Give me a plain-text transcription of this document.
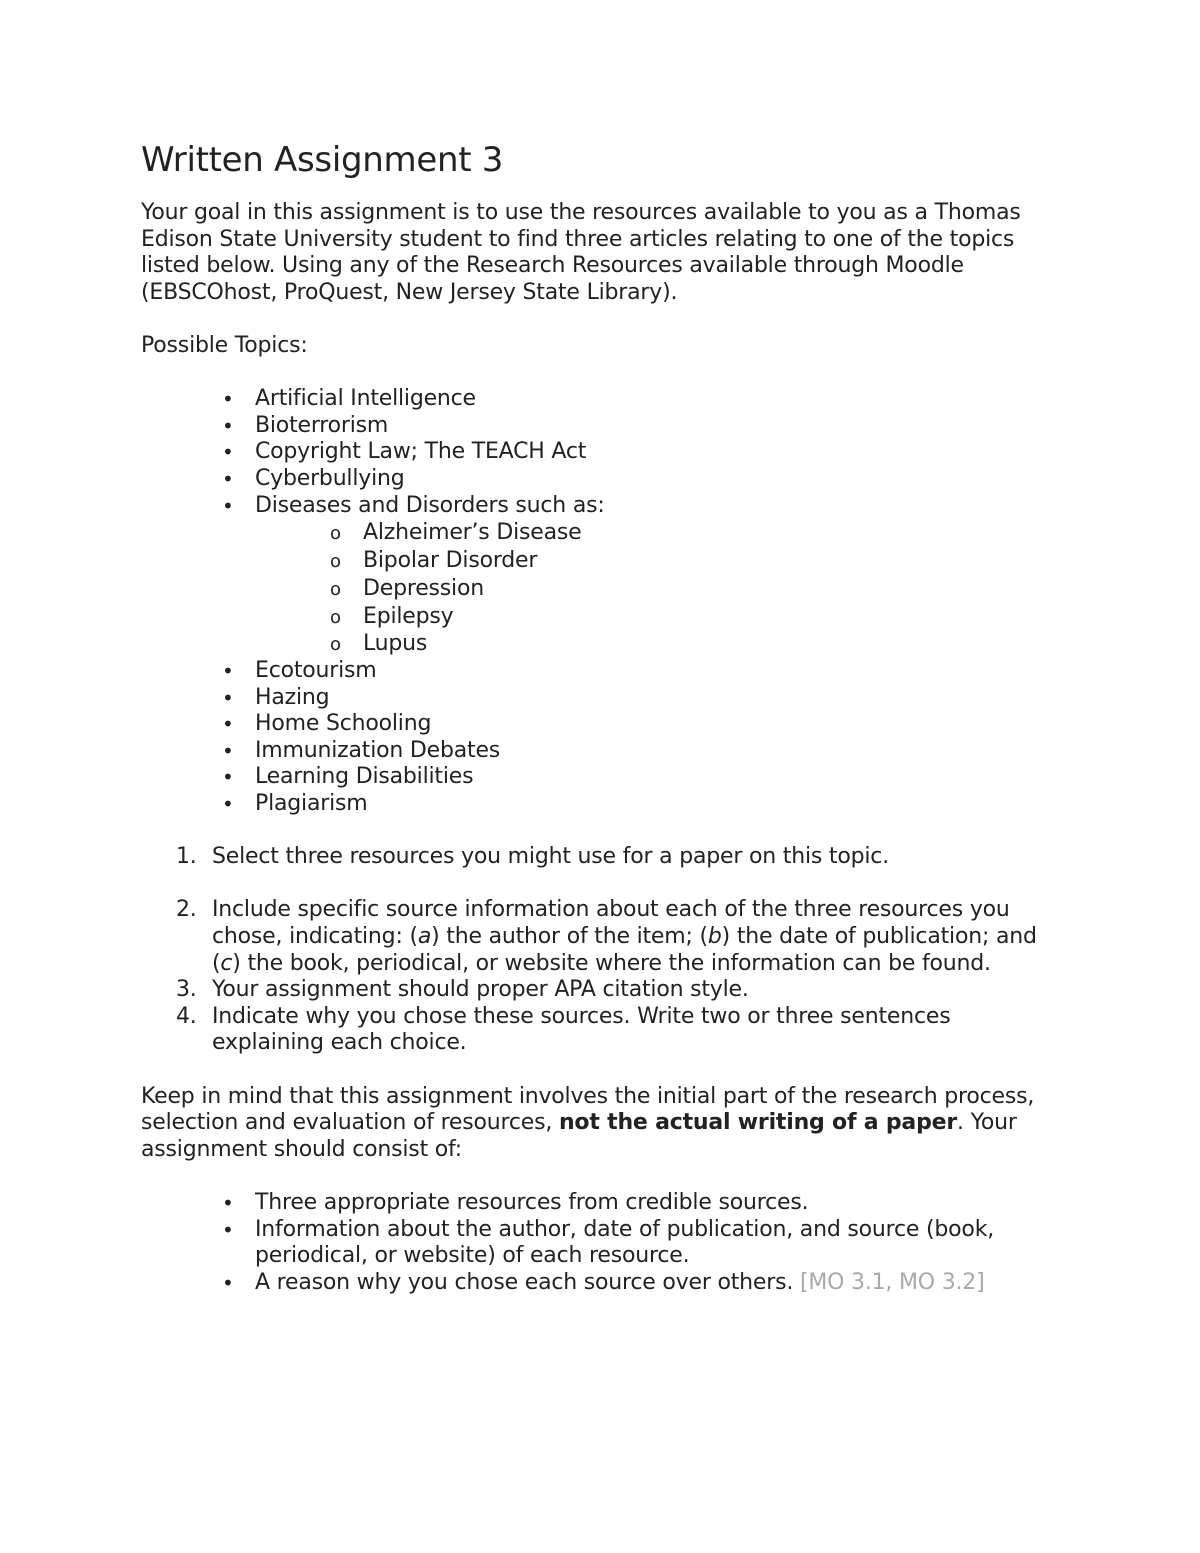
Written Assignment 3

Your goal in this assignment is to use the resources available to you as a Thomas Edison State University student to find three articles relating to one of the topics listed below. Using any of the Research Resources available through Moodle (EBSCOhost, ProQuest, New Jersey State Library).

Possible Topics:

• Artificial Intelligence
• Bioterrorism
• Copyright Law; The TEACH Act
• Cyberbullying
• Diseases and Disorders such as:
o Alzheimer’s Disease
o Bipolar Disorder
o Depression
o Epilepsy
o Lupus
• Ecotourism
• Hazing
• Home Schooling
• Immunization Debates
• Learning Disabilities
• Plagiarism
1. Select three resources you might use for a paper on this topic.
2. Include specific source information about each of the three resources you chose, indicating: (a) the author of the item; (b) the date of publication; and (c) the book, periodical, or website where the information can be found.
3. Your assignment should proper APA citation style.
4. Indicate why you chose these sources. Write two or three sentences explaining each choice.

Keep in mind that this assignment involves the initial part of the research process, selection and evaluation of resources, not the actual writing of a paper. Your assignment should consist of:

• Three appropriate resources from credible sources.
• Information about the author, date of publication, and source (book, periodical, or website) of each resource.
• A reason why you chose each source over others. [MO 3.1, MO 3.2]
